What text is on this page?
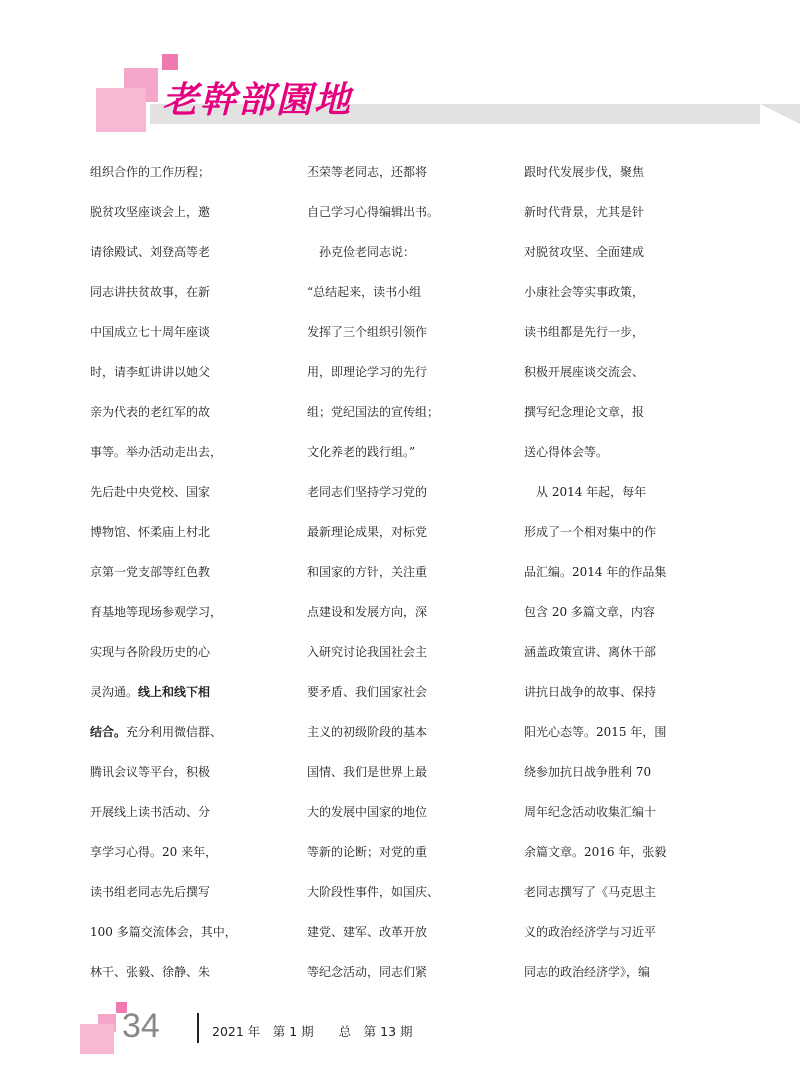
老幹部園地

组织合作的工作历程；

脱贫攻坚座谈会上，邀

请徐殿试、刘登高等老

同志讲扶贫故事，在新

中国成立七十周年座谈

时，请李虹讲讲以她父

亲为代表的老红军的故

事等。举办活动走出去，

先后赴中央党校、国家

博物馆、怀柔庙上村北

京第一党支部等红色教

育基地等现场参观学习，

实现与各阶段历史的心

灵沟通。线上和线下相

结合。充分利用微信群、

腾讯会议等平台，积极

开展线上读书活动、分

享学习心得。20 来年，

读书组老同志先后撰写

100 多篇交流体会，其中，

林干、张毅、徐静、朱

丕荣等老同志，还都将

自己学习心得编辑出书。

　孙克俭老同志说：

“总结起来，读书小组

发挥了三个组织引领作

用，即理论学习的先行

组；党纪国法的宣传组；

文化养老的践行组。”

老同志们坚持学习党的

最新理论成果，对标党

和国家的方针，关注重

点建设和发展方向，深

入研究讨论我国社会主

要矛盾、我们国家社会

主义的初级阶段的基本

国情、我们是世界上最

大的发展中国家的地位

等新的论断；对党的重

大阶段性事件，如国庆、

建党、建军、改革开放

等纪念活动，同志们紧

跟时代发展步伐，聚焦

新时代背景，尤其是针

对脱贫攻坚、全面建成

小康社会等实事政策，

读书组都是先行一步，

积极开展座谈交流会、

撰写纪念理论文章，报

送心得体会等。

　从 2014 年起，每年

形成了一个相对集中的作

品汇编。2014 年的作品集

包含 20 多篇文章，内容

涵盖政策宣讲、离休干部

讲抗日战争的故事、保持

阳光心态等。2015 年，围

绕参加抗日战争胜利 70

周年纪念活动收集汇编十

余篇文章。2016 年，张毅

老同志撰写了《马克思主

义的政治经济学与习近平

同志的政治经济学》，编

34	2021 年　第 1 期　　总　第 13 期
